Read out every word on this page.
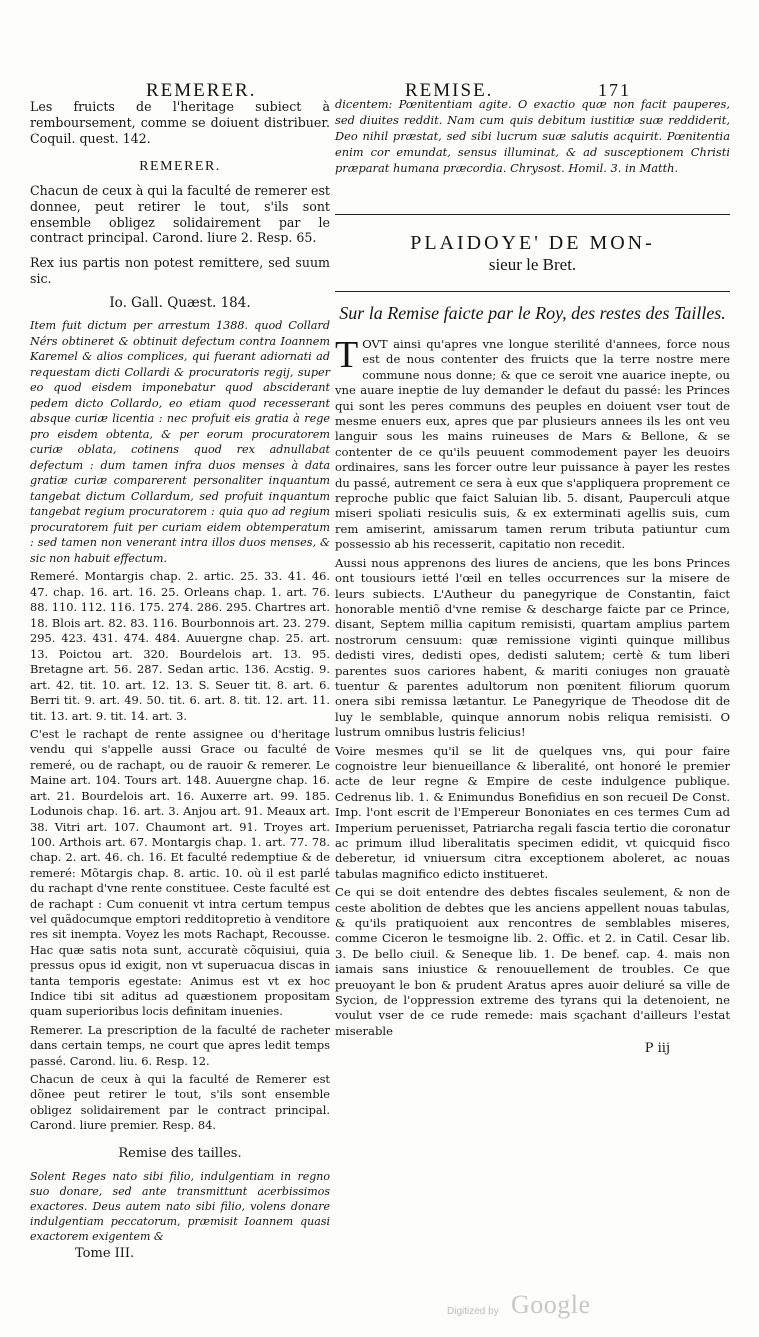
REMERER.	REMISE.	171

Les fruicts de l'heritage subiect à remboursement, comme se doiuent distribuer. Coquil. quest. 142.

REMERER.

Chacun de ceux à qui la faculté de remerer est donnee, peut retirer le tout, s'ils sont ensemble obligez solidairement par le contract principal. Carond. liure 2. Resp. 65.

Rex ius partis non potest remittere, sed suum sic.

Io. Gall. Quæst. 184.

Item fuit dictum per arrestum 1388. quod Collard Nérs obtineret & obtinuit defectum contra Ioannem Karemel & alios complices, qui fuerant adiornati ad requestam dicti Collardi & procuratoris regij, super eo quod eisdem imponebatur quod absciderant pedem dicto Collardo, eo etiam quod recesserant absque curiæ licentia : nec profuit eis gratia à rege pro eisdem obtenta, & per eorum procuratorem curiæ oblata, cotinens quod rex adnullabat defectum : dum tamen infra duos menses à data gratiæ curiæ comparerent personaliter inquantum tangebat dictum Collardum, sed profuit inquantum tangebat regium procuratorem : quia quo ad regium procuratorem fuit per curiam eidem obtemperatum : sed tamen non venerant intra illos duos menses, & sic non habuit effectum.

Remeré. Montargis chap. 2. artic. 25. 33. 41. 46. 47. chap. 16. art. 16. 25. Orleans chap. 1. art. 76. 88. 110. 112. 116. 175. 274. 286. 295. Chartres art. 18. Blois art. 82. 83. 116. Bourbonnois art. 23. 279. 295. 423. 431. 474. 484. Auuergne chap. 25. art. 13. Poictou art. 320. Bourdelois art. 13. 95. Bretagne art. 56. 287. Sedan artic. 136. Acstig. 9. art. 42. tit. 10. art. 12. 13. S. Seuer tit. 8. art. 6. Berri tit. 9. art. 49. 50. tit. 6. art. 8. tit. 12. art. 11. tit. 13. art. 9. tit. 14. art. 3.

C'est le rachapt de rente assignee ou d'heritage vendu qui s'appelle aussi Grace ou faculté de remeré, ou de rachapt, ou de rauoir & remerer. Le Maine art. 104. Tours art. 148. Auuergne chap. 16. art. 21. Bourdelois art. 16. Auxerre art. 99. 185. Lodunois chap. 16. art. 3. Anjou art. 91. Meaux art. 38. Vitri art. 107. Chaumont art. 91. Troyes art. 100. Arthois art. 67. Montargis chap. 1. art. 77. 78. chap. 2. art. 46. ch. 16. Et faculté redemptiue & de remeré: Mõtargis chap. 8. artic. 10. où il est parlé du rachapt d'vne rente constituee. Ceste faculté est de rachapt : Cum conuenit vt intra certum tempus vel quãdocumque emptori redditopretio à venditore res sit inempta. Voyez les mots Rachapt, Recousse. Hac quæ satis nota sunt, accuratè cõquisiui, quia pressus opus id exigit, non vt superuacua discas in tanta temporis egestate: Animus est vt ex hoc Indice tibi sit aditus ad quæstionem propositam quam superioribus locis definitam inuenies.

Remerer. La prescription de la faculté de racheter dans certain temps, ne court que apres ledit temps passé. Carond. liu. 6. Resp. 12.

Chacun de ceux à qui la faculté de Remerer est dõnee peut retirer le tout, s'ils sont ensemble obligez solidairement par le contract principal. Carond. liure premier. Resp. 84.

Remise des tailles.

Solent Reges nato sibi filio, indulgentiam in regno suo donare, sed ante transmittunt acerbissimos exactores. Deus autem nato sibi filio, volens donare indulgentiam peccatorum, præmisit Ioannem quasi exactorem exigentem &

Tome III.

dicentem: Pœnitentiam agite. O exactio quæ non facit pauperes, sed diuites reddit. Nam cum quis debitum iustitiæ suæ reddiderit, Deo nihil præstat, sed sibi lucrum suæ salutis acquirit. Pœnitentia enim cor emundat, sensus illuminat, & ad susceptionem Christi præparat humana præcordia. Chrysost. Homil. 3. in Matth.

PLAIDOYE' DE MON-
sieur le Bret.
Sur la Remise faicte par le Roy, des restes des Tailles.
T OVT ainsi qu'apres vne longue sterilité d'annees, force nous est de nous contenter des fruicts que la terre nostre mere commune nous donne; & que ce seroit vne auarice inepte, ou vne auare ineptie de luy demander le defaut du passé: les Princes qui sont les peres communs des peuples en doiuent vser tout de mesme enuers eux, apres que par plusieurs annees ils les ont veu languir sous les mains ruineuses de Mars & Bellone, & se contenter de ce qu'ils peuuent commodement payer les deuoirs ordinaires, sans les forcer outre leur puissance à payer les restes du passé, autrement ce sera à eux que s'appliquera proprement ce reproche public que faict Saluian lib. 5. disant, Pauperculi atque miseri spoliati resiculis suis, & ex exterminati agellis suis, cum rem amiserint, amissarum tamen rerum tributa patiuntur cum possessio ab his recesserit, capitatio non recedit.

Aussi nous apprenons des liures de anciens, que les bons Princes ont tousiours ietté l'œil en telles occurrences sur la misere de leurs subiects. L'Autheur du panegyrique de Constantin, faict honorable mentiõ d'vne remise & descharge faicte par ce Prince, disant, Septem millia capitum remisisti, quartam amplius partem nostrorum censuum: quæ remissione viginti quinque millibus dedisti vires, dedisti opes, dedisti salutem; certè & tum liberi parentes suos cariores habent, & mariti coniuges non grauatè tuentur & parentes adultorum non pœnitent filiorum quorum onera sibi remissa lætantur. Le Panegyrique de Theodose dit de luy le semblable, quinque annorum nobis reliqua remisisti. O lustrum omnibus lustris felicius!

Voire mesmes qu'il se lit de quelques vns, qui pour faire cognoistre leur bienueillance & liberalité, ont honoré le premier acte de leur regne & Empire de ceste indulgence publique. Cedrenus lib. 1. & Enimundus Bonefidius en son recueil De Const. Imp. l'ont escrit de l'Empereur Bononiates en ces termes Cum ad Imperium peruenisset, Patriarcha regali fascia tertio die coronatur ac primum illud liberalitatis specimen edidit, vt quicquid fisco deberetur, id vniuersum citra exceptionem aboleret, ac nouas tabulas magnifico edicto institueret.

Ce qui se doit entendre des debtes fiscales seulement, & non de ceste abolition de debtes que les anciens appellent nouas tabulas, & qu'ils pratiquoient aux rencontres de semblables miseres, comme Ciceron le tesmoigne lib. 2. Offic. et 2. in Catil. Cesar lib. 3. De bello ciuil. & Seneque lib. 1. De benef. cap. 4. mais non iamais sans iniustice & renouuellement de troubles. Ce que preuoyant le bon & prudent Aratus apres auoir deliuré sa ville de Sycion, de l'oppression extreme des tyrans qui la detenoient, ne voulut vser de ce rude remede: mais sçachant d'ailleurs l'estat miserable

P iij
Digitized by Google
